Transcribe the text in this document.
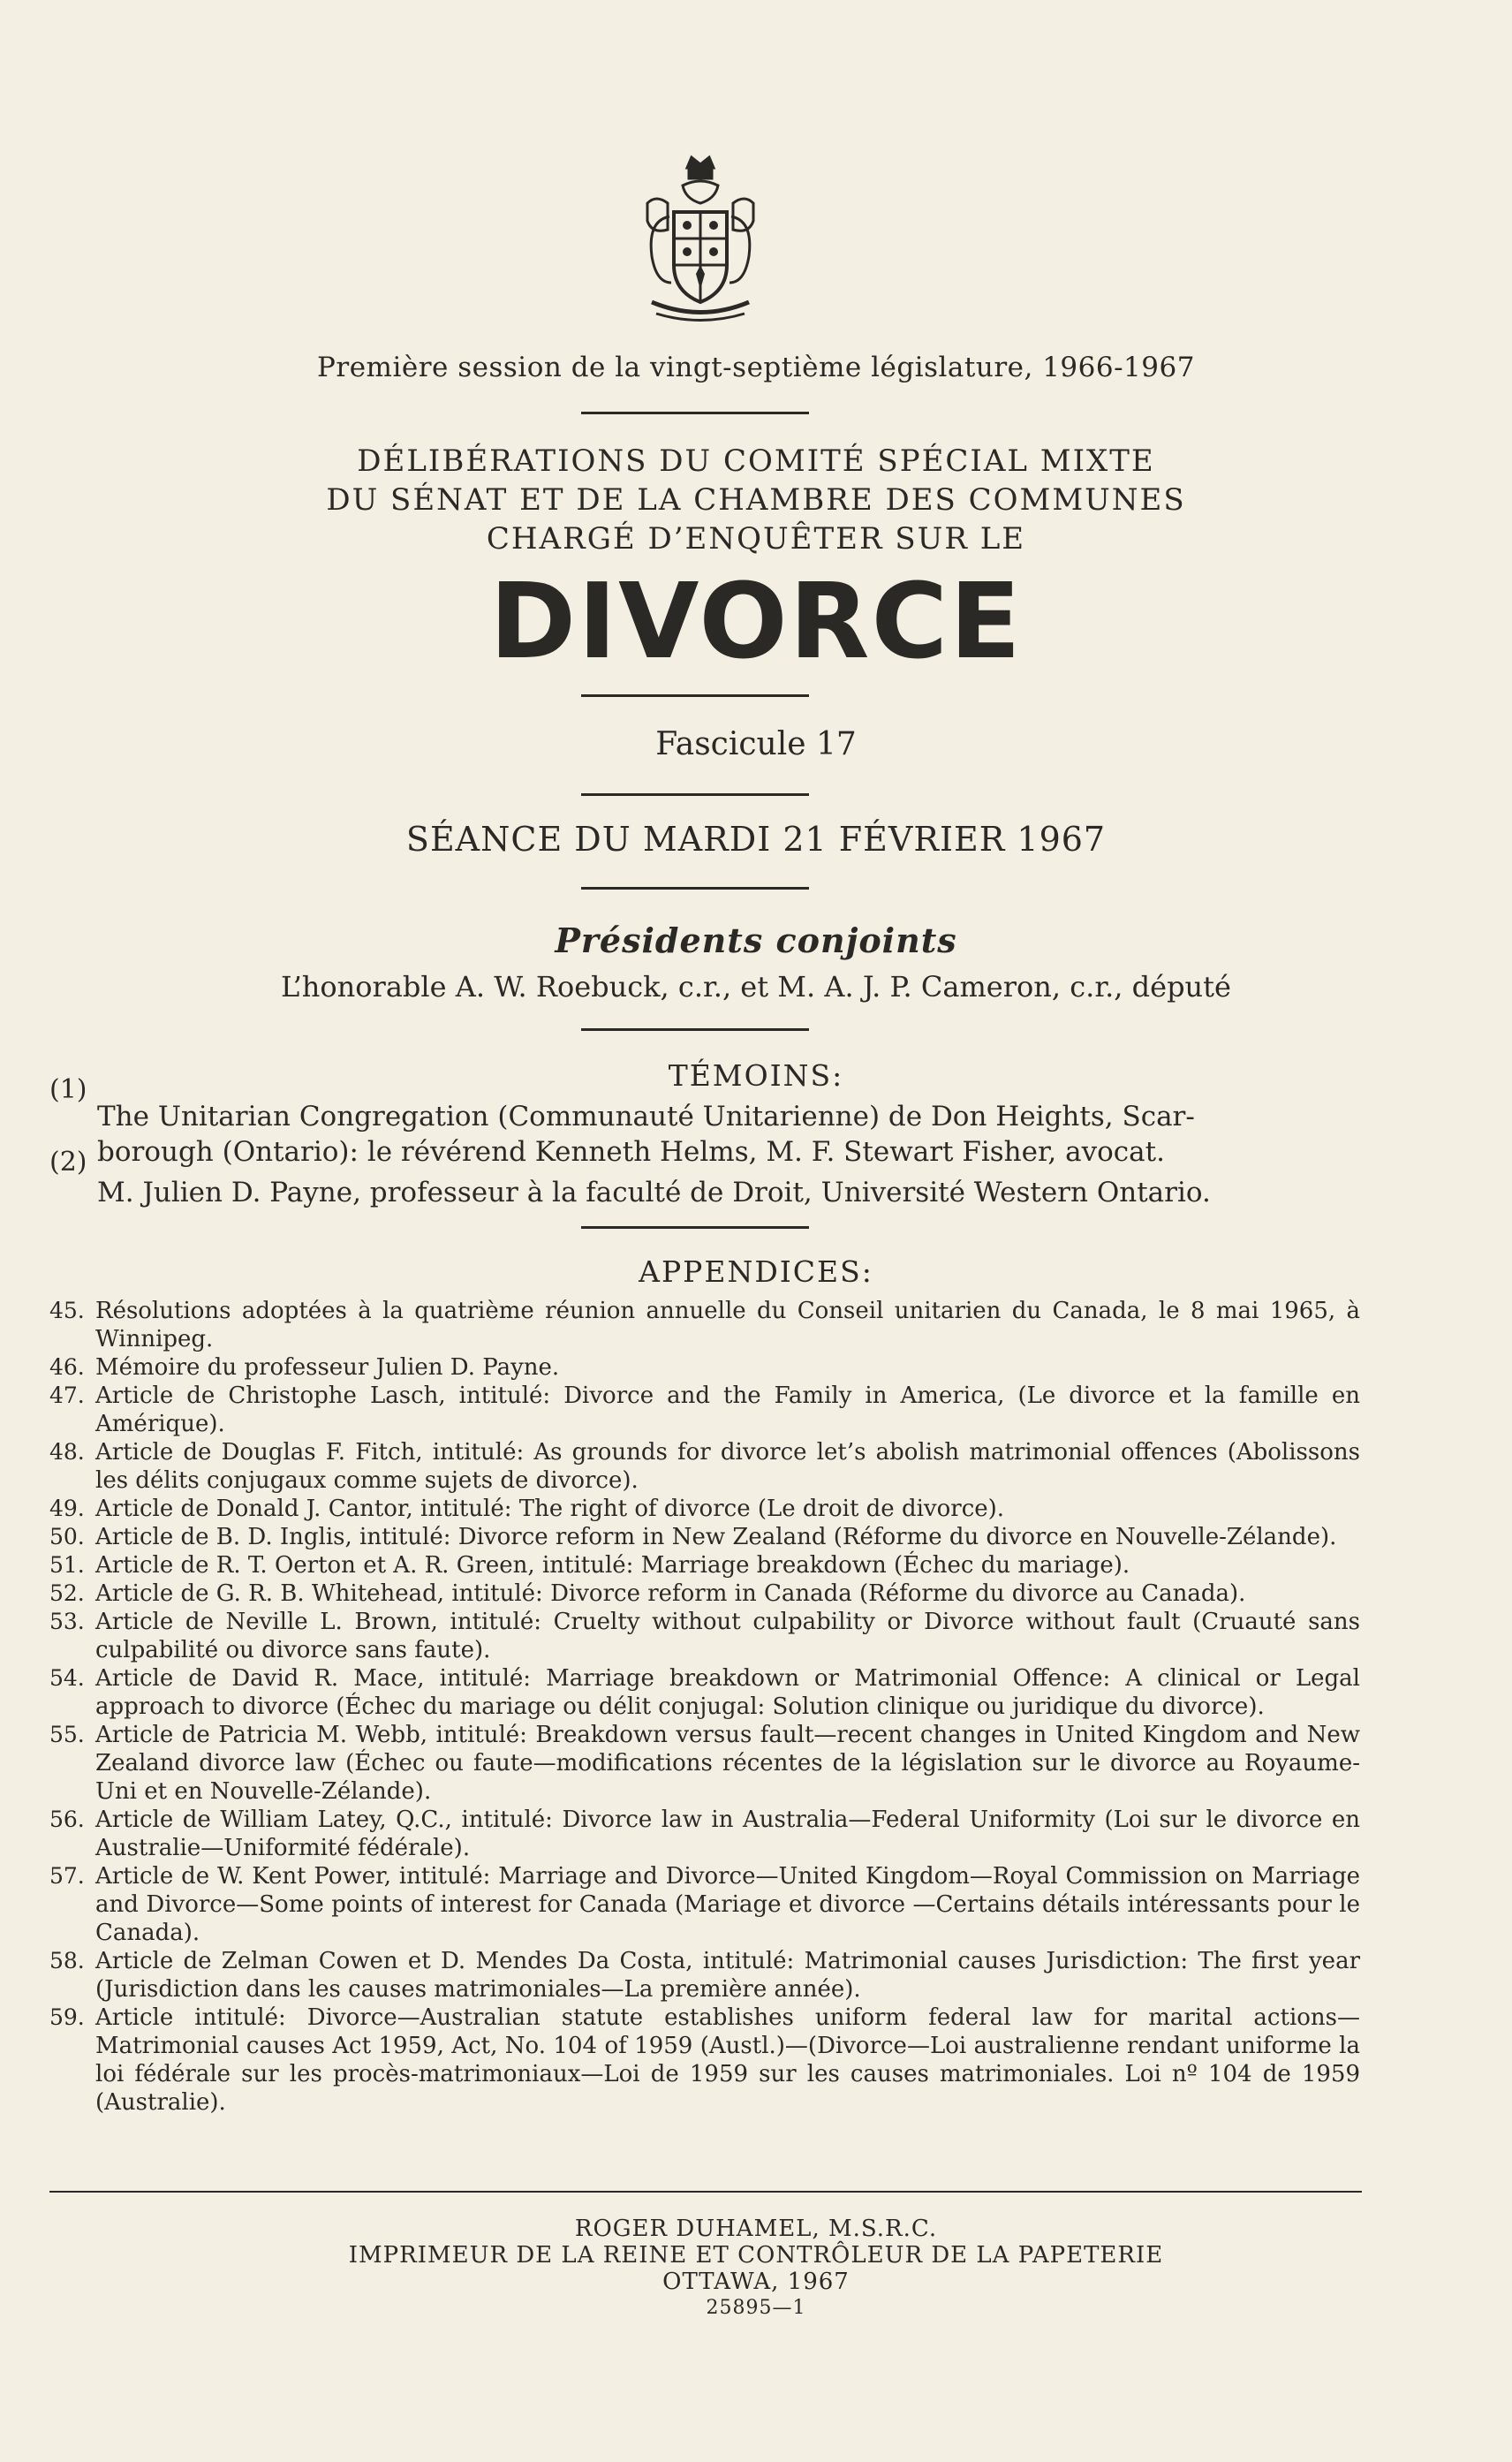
Première session de la vingt-septième législature, 1966-1967
DÉLIBÉRATIONS DU COMITÉ SPÉCIAL MIXTE
DU SÉNAT ET DE LA CHAMBRE DES COMMUNES
CHARGÉ D’ENQUÊTER SUR LE
DIVORCE
Fascicule 17
SÉANCE DU MARDI 21 FÉVRIER 1967
Présidents conjoints
L’honorable A. W. Roebuck, c.r., et M. A. J. P. Cameron, c.r., député
TÉMOINS:
(1)
The Unitarian Congregation (Communauté Unitarienne) de Don Heights, Scar-
borough (Ontario): le révérend Kenneth Helms, M. F. Stewart Fisher, avocat.
(2)
M. Julien D. Payne, professeur à la faculté de Droit, Université Western Ontario.
APPENDICES:
45. Résolutions adoptées à la quatrième réunion annuelle du Conseil unitarien du Canada, le 8 mai 1965, à Winnipeg.
46. Mémoire du professeur Julien D. Payne.
47. Article de Christophe Lasch, intitulé: Divorce and the Family in America, (Le divorce et la famille en Amérique).
48. Article de Douglas F. Fitch, intitulé: As grounds for divorce let’s abolish matrimonial offences (Abolissons les délits conjugaux comme sujets de divorce).
49. Article de Donald J. Cantor, intitulé: The right of divorce (Le droit de divorce).
50. Article de B. D. Inglis, intitulé: Divorce reform in New Zealand (Réforme du divorce en Nouvelle-Zélande).
51. Article de R. T. Oerton et A. R. Green, intitulé: Marriage breakdown (Échec du mariage).
52. Article de G. R. B. Whitehead, intitulé: Divorce reform in Canada (Réforme du divorce au Canada).
53. Article de Neville L. Brown, intitulé: Cruelty without culpability or Divorce without fault (Cruauté sans culpabilité ou divorce sans faute).
54. Article de David R. Mace, intitulé: Marriage breakdown or Matrimonial Offence: A clinical or Legal approach to divorce (Échec du mariage ou délit conjugal: Solution clinique ou juridique du divorce).
55. Article de Patricia M. Webb, intitulé: Breakdown versus fault—recent changes in United Kingdom and New Zealand divorce law (Échec ou faute—modifications récentes de la législation sur le divorce au Royaume-Uni et en Nouvelle-Zélande).
56. Article de William Latey, Q.C., intitulé: Divorce law in Australia—Federal Uniformity (Loi sur le divorce en Australie—Uniformité fédérale).
57. Article de W. Kent Power, intitulé: Marriage and Divorce—United Kingdom—Royal Commission on Marriage and Divorce—Some points of interest for Canada (Mariage et divorce —Certains détails intéressants pour le Canada).
58. Article de Zelman Cowen et D. Mendes Da Costa, intitulé: Matrimonial causes Jurisdiction: The first year (Jurisdiction dans les causes matrimoniales—La première année).
59. Article intitulé: Divorce—Australian statute establishes uniform federal law for marital actions—Matrimonial causes Act 1959, Act, No. 104 of 1959 (Austl.)—(Divorce—Loi australienne rendant uniforme la loi fédérale sur les procès-matrimoniaux—Loi de 1959 sur les causes matrimoniales. Loi nº 104 de 1959 (Australie).
ROGER DUHAMEL, M.S.R.C.
IMPRIMEUR DE LA REINE ET CONTRÔLEUR DE LA PAPETERIE
OTTAWA, 1967
25895—1
